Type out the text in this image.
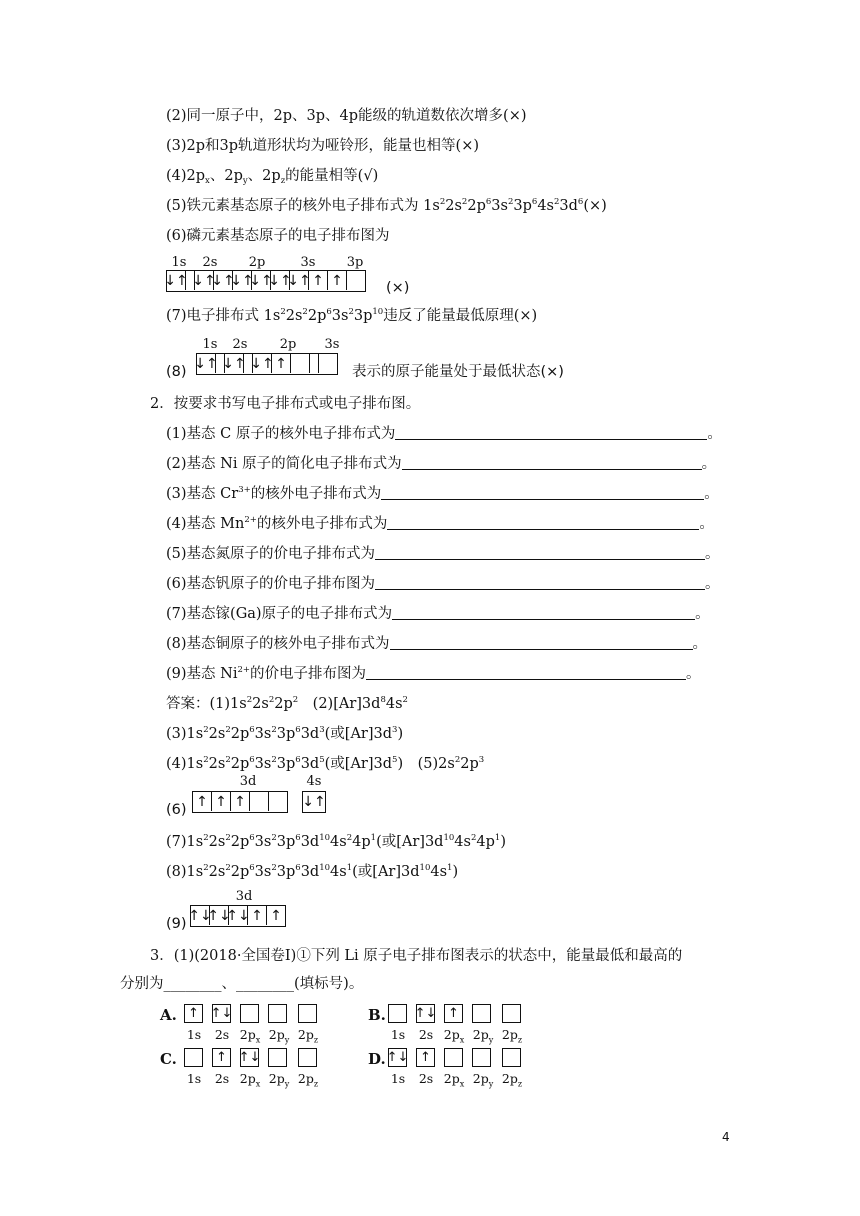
(2)同一原子中，2p、3p、4p能级的轨道数依次增多(×)
(3)2p和3p轨道形状均为哑铃形，能量也相等(×)
$(4)2p_x$、$2p_y$、$2p_z$的能量相等(√)
(5)铁元素基态原子的核外电子排布式为 $1s^22s^22p^63s^23p^64s^23d^6(\times)$
(6)磷元素基态原子的电子排布图为
1s	2s	2p	3s	3p
↓↑ ↓↑
↓↑
↓↑
↓↑
↓↑
↓↑ ↑ ↑	(×)
(7)电子排布式 $1s^22s^22p^63s^23p^{10}$违反了能量最低原理(×)
1s	2s	2p	3s
↓↑ ↓↑ ↓↑ ↑
(8)	表示的原子能量处于最低状态(×)
2．按要求书写电子排布式或电子排布图。
(1)基态 C 原子的核外电子排布式为	。
(2)基态 Ni 原子的简化电子排布式为	。
(3)基态 $Cr^{3+}$的核外电子排布式为	。
(4)基态 $Mn^{2+}$的核外电子排布式为	。
(5)基态氮原子的价电子排布式为	。
(6)基态钒原子的价电子排布图为	。
(7)基态镓(Ga)原子的电子排布式为	。
(8)基态铜原子的核外电子排布式为	。
(9)基态 $Ni^{2+}$的价电子排布图为	。
答案：$(1)1s^22s^22p^2$　$(2)[Ar]3d^84s^2$
$(3)1s^22s^22p^63s^23p^63d^3$(或$[Ar]3d^3$)
$(4)1s^22s^22p^63s^23p^63d^5$(或$[Ar]3d^5$)　$(5)2s^22p^3$
3d	4s
↑ ↑ ↑	↓↑
(6)
$(7)1s^22s^22p^63s^23p^63d^{10}4s^24p^1$(或$[Ar]3d^{10}4s^24p^1$)
$(8)1s^22s^22p^63s^23p^63d^{10}4s^1$(或$[Ar]3d^{10}4s^1$)
3d
↑↓
↑↓
↑↓ ↑ ↑
(9)
3．(1)(2018·全国卷Ⅰ)①下列 Li 原子电子排布图表示的状态中，能量最低和最高的
分别为________、________(填标号)。
A. ↑ ↑↓
1s	2s $2p_x$ $2p_y$ $2p_z$
B. ↑↓ ↑
1s	2s $2p_x$ $2p_y$ $2p_z$
C.	↑ ↑↓
1s	2s $2p_x$ $2p_y$ $2p_z$
D. ↑↓ ↑
1s	2s $2p_x$ $2p_y$ $2p_z$
4
